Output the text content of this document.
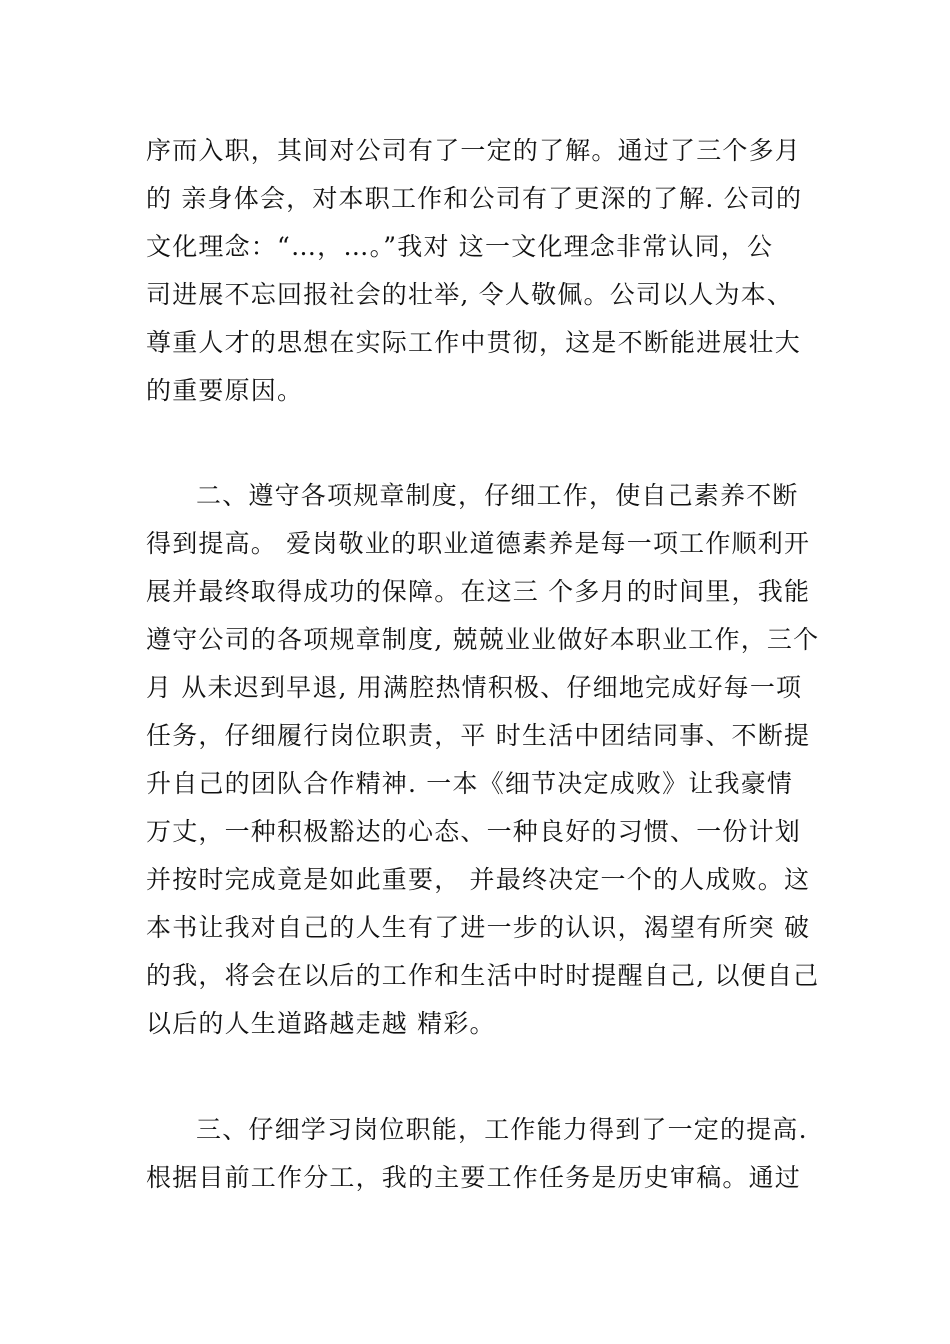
序而入职，其间对公司有了一定的了解。通过了三个多月
的 亲身体会，对本职工作和公司有了更深的了解. 公司的
文化理念：“…，…。”我对 这一文化理念非常认同，公
司进展不忘回报社会的壮举, 令人敬佩。公司以人为本、
尊重人才的思想在实际工作中贯彻，这是不断能进展壮大
的重要原因。
二、遵守各项规章制度，仔细工作，使自己素养不断
得到提高。 爱岗敬业的职业道德素养是每一项工作顺利开
展并最终取得成功的保障。在这三 个多月的时间里，我能
遵守公司的各项规章制度, 兢兢业业做好本职业工作，三个
月 从未迟到早退, 用满腔热情积极、仔细地完成好每一项
任务，仔细履行岗位职责，平 时生活中团结同事、不断提
升自己的团队合作精神. 一本《细节决定成败》让我豪情
万丈，一种积极豁达的心态、一种良好的习惯、一份计划
并按时完成竟是如此重要， 并最终决定一个的人成败。这
本书让我对自己的人生有了进一步的认识，渴望有所突 破
的我，将会在以后的工作和生活中时时提醒自己, 以便自己
以后的人生道路越走越 精彩。
三、仔细学习岗位职能，工作能力得到了一定的提高.
根据目前工作分工，我的主要工作任务是历史审稿。通过
